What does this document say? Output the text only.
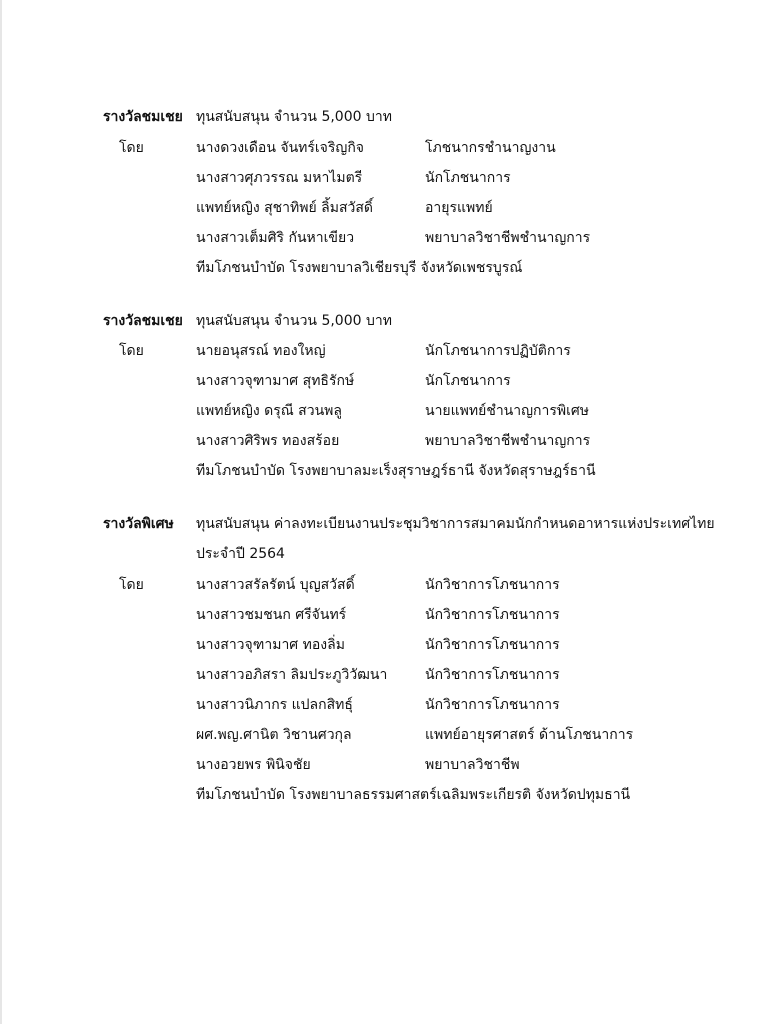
รางวัลชมเชย ทุนสนับสนุน จำนวน 5,000 บาท
โดย	นางดวงเดือน จันทร์เจริญกิจ	โภชนากรชำนาญงาน
นางสาวศุภวรรณ มหาไมตรี	นักโภชนาการ
แพทย์หญิง สุชาทิพย์ ลิ้มสวัสดิ์	อายุรแพทย์
นางสาวเต็มศิริ กันหาเขียว	พยาบาลวิชาชีพชำนาญการ
ทีมโภชนบำบัด โรงพยาบาลวิเชียรบุรี จังหวัดเพชรบูรณ์
รางวัลชมเชย ทุนสนับสนุน จำนวน 5,000 บาท
โดย	นายอนุสรณ์ ทองใหญ่	นักโภชนาการปฏิบัติการ
นางสาวจุฑามาศ สุทธิรักษ์	นักโภชนาการ
แพทย์หญิง ดรุณี สวนพลู	นายแพทย์ชำนาญการพิเศษ
นางสาวศิริพร ทองสร้อย	พยาบาลวิชาชีพชำนาญการ
ทีมโภชนบำบัด โรงพยาบาลมะเร็งสุราษฎร์ธานี จังหวัดสุราษฎร์ธานี
รางวัลพิเศษ ทุนสนับสนุน ค่าลงทะเบียนงานประชุมวิชาการสมาคมนักกำหนดอาหารแห่งประเทศไทย
ประจำปี 2564
โดย	นางสาวสรัลรัตน์ บุญสวัสดิ์	นักวิชาการโภชนาการ
นางสาวชมชนก ศรีจันทร์	นักวิชาการโภชนาการ
นางสาวจุฑามาศ ทองลิ่ม	นักวิชาการโภชนาการ
นางสาวอภิสรา ลิมประภูวิวัฒนา	นักวิชาการโภชนาการ
นางสาวนิภากร แปลกสิทธุ์	นักวิชาการโภชนาการ
ผศ.พญ.ศานิต วิชานศวกุล	แพทย์อายุรศาสตร์ ด้านโภชนาการ
นางอวยพร พินิจชัย	พยาบาลวิชาชีพ
ทีมโภชนบำบัด โรงพยาบาลธรรมศาสตร์เฉลิมพระเกียรติ จังหวัดปทุมธานี
